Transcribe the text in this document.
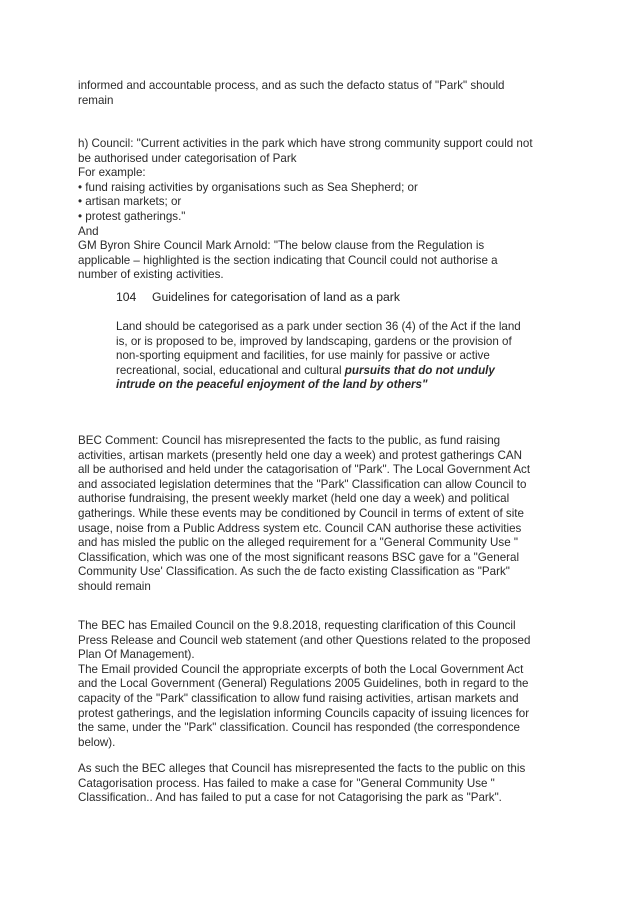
informed and accountable process, and as such the defacto status of "Park" should
remain
h) Council: "Current activities in the park which have strong community support could not
be authorised under categorisation of Park
For example:
• fund raising activities by organisations such as Sea Shepherd; or
• artisan markets; or
• protest gatherings."
And
GM Byron Shire Council Mark Arnold: "The below clause from the Regulation is
applicable – highlighted is the section indicating that Council could not authorise a
number of existing activities.
104 Guidelines for categorisation of land as a park
Land should be categorised as a park under section 36 (4) of the Act if the land
is, or is proposed to be, improved by landscaping, gardens or the provision of
non-sporting equipment and facilities, for use mainly for passive or active
recreational, social, educational and cultural pursuits that do not unduly
intrude on the peaceful enjoyment of the land by others"
BEC Comment: Council has misrepresented the facts to the public, as fund raising
activities, artisan markets (presently held one day a week) and protest gatherings CAN
all be authorised and held under the catagorisation of "Park". The Local Government Act
and associated legislation determines that the "Park" Classification can allow Council to
authorise fundraising, the present weekly market (held one day a week) and political
gatherings. While these events may be conditioned by Council in terms of extent of site
usage, noise from a Public Address system etc. Council CAN authorise these activities
and has misled the public on the alleged requirement for a "General Community Use "
Classification, which was one of the most significant reasons BSC gave for a "General
Community Use' Classification. As such the de facto existing Classification as "Park"
should remain
The BEC has Emailed Council on the 9.8.2018, requesting clarification of this Council
Press Release and Council web statement (and other Questions related to the proposed
Plan Of Management).
The Email provided Council the appropriate excerpts of both the Local Government Act
and the Local Government (General) Regulations 2005 Guidelines, both in regard to the
capacity of the "Park" classification to allow fund raising activities, artisan markets and
protest gatherings, and the legislation informing Councils capacity of issuing licences for
the same, under the "Park" classification. Council has responded (the correspondence
below).
As such the BEC alleges that Council has misrepresented the facts to the public on this
Catagorisation process. Has failed to make a case for "General Community Use "
Classification.. And has failed to put a case for not Catagorising the park as "Park".
